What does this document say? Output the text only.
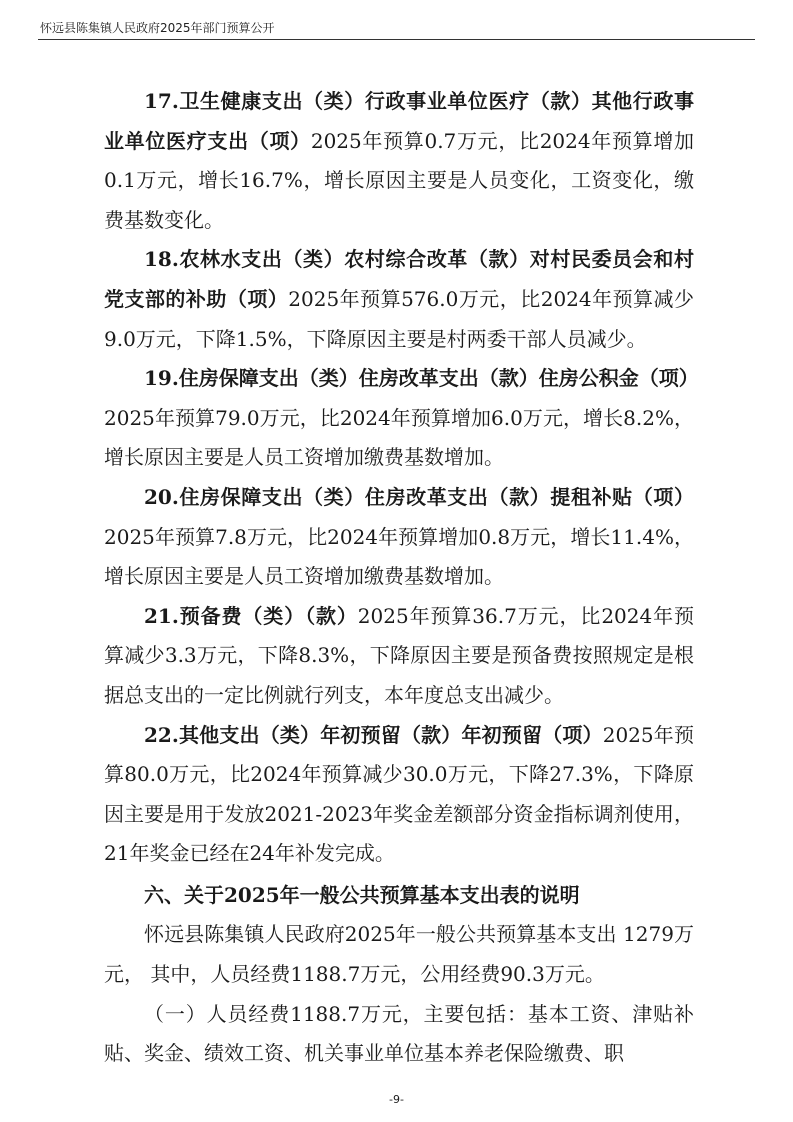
怀远县陈集镇人民政府2025年部门预算公开

17.卫生健康支出（类）行政事业单位医疗（款）其他行政事业单位医疗支出（项）2025年预算0.7万元，比2024年预算增加0.1万元，增长16.7%，增长原因主要是人员变化，工资变化，缴费基数变化。

18.农林水支出（类）农村综合改革（款）对村民委员会和村党支部的补助（项）2025年预算576.0万元，比2024年预算减少9.0万元，下降1.5%，下降原因主要是村两委干部人员减少。

19.住房保障支出（类）住房改革支出（款）住房公积金（项）2025年预算79.0万元，比2024年预算增加6.0万元，增长8.2%，增长原因主要是人员工资增加缴费基数增加。

20.住房保障支出（类）住房改革支出（款）提租补贴（项）2025年预算7.8万元，比2024年预算增加0.8万元，增长11.4%，增长原因主要是人员工资增加缴费基数增加。

21.预备费（类）（款）2025年预算36.7万元，比2024年预算减少3.3万元，下降8.3%，下降原因主要是预备费按照规定是根据总支出的一定比例就行列支，本年度总支出减少。

22.其他支出（类）年初预留（款）年初预留（项）2025年预算80.0万元，比2024年预算减少30.0万元，下降27.3%，下降原因主要是用于发放2021-2023年奖金差额部分资金指标调剂使用，21年奖金已经在24年补发完成。

六、关于2025年一般公共预算基本支出表的说明

怀远县陈集镇人民政府2025年一般公共预算基本支出 1279万元， 其中，人员经费1188.7万元，公用经费90.3万元。

（一）人员经费1188.7万元，主要包括：基本工资、津贴补贴、奖金、绩效工资、机关事业单位基本养老保险缴费、职

-9-
